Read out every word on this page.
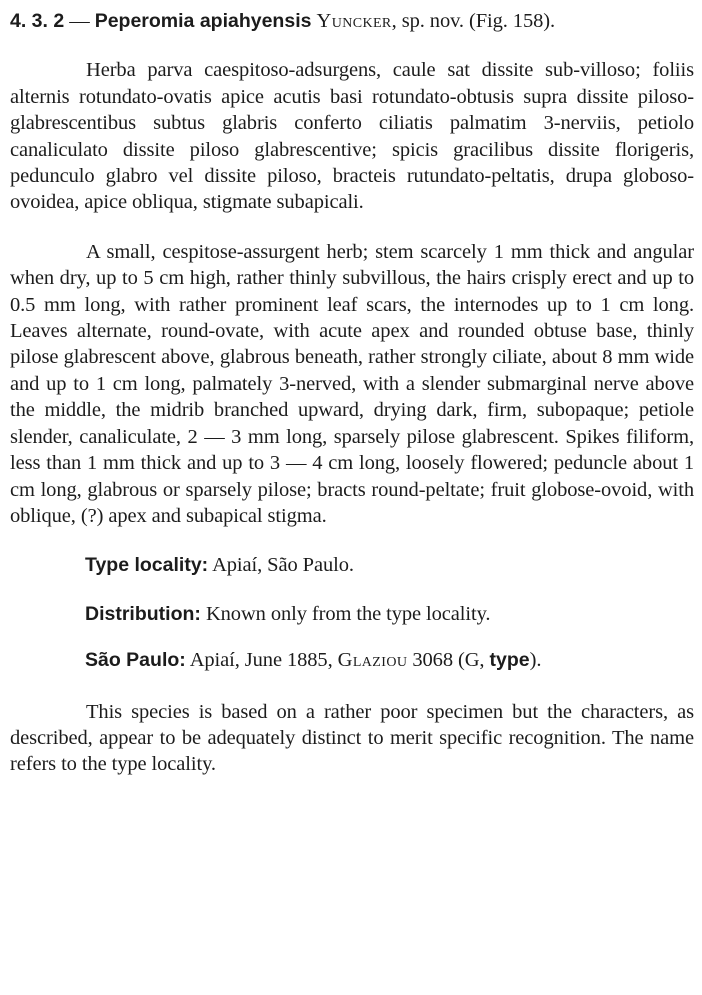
4. 3. 2 — Peperomia apiahyensis Yuncker, sp. nov. (Fig. 158).

Herba parva caespitoso-adsurgens, caule sat dissite sub-villoso; foliis alternis rotundato-ovatis apice acutis basi rotundato-obtusis supra dissite piloso-glabrescentibus subtus glabris conferto ciliatis palmatim 3-nerviis, petiolo canaliculato dissite piloso glabrescentive; spicis gracilibus dissite florigeris, pedunculo glabro vel dissite piloso, bracteis rutundato-peltatis, drupa globoso-ovoidea, apice obliqua, stigmate subapicali.

A small, cespitose-assurgent herb; stem scarcely 1 mm thick and angular when dry, up to 5 cm high, rather thinly subvillous, the hairs crisply erect and up to 0.5 mm long, with rather prominent leaf scars, the internodes up to 1 cm long. Leaves alternate, round-ovate, with acute apex and rounded obtuse base, thinly pilose glabrescent above, glabrous beneath, rather strongly ciliate, about 8 mm wide and up to 1 cm long, palmately 3-nerved, with a slender submarginal nerve above the middle, the midrib branched upward, drying dark, firm, subopaque; petiole slender, canaliculate, 2 — 3 mm long, sparsely pilose glabrescent. Spikes filiform, less than 1 mm thick and up to 3 — 4 cm long, loosely flowered; peduncle about 1 cm long, glabrous or sparsely pilose; bracts round-peltate; fruit globose-ovoid, with oblique, (?) apex and subapical stigma.

Type locality: Apiaí, São Paulo.

Distribution: Known only from the type locality.

São Paulo: Apiaí, June 1885, Glaziou 3068 (G, type).

This species is based on a rather poor specimen but the characters, as described, appear to be adequately distinct to merit specific recognition. The name refers to the type locality.
